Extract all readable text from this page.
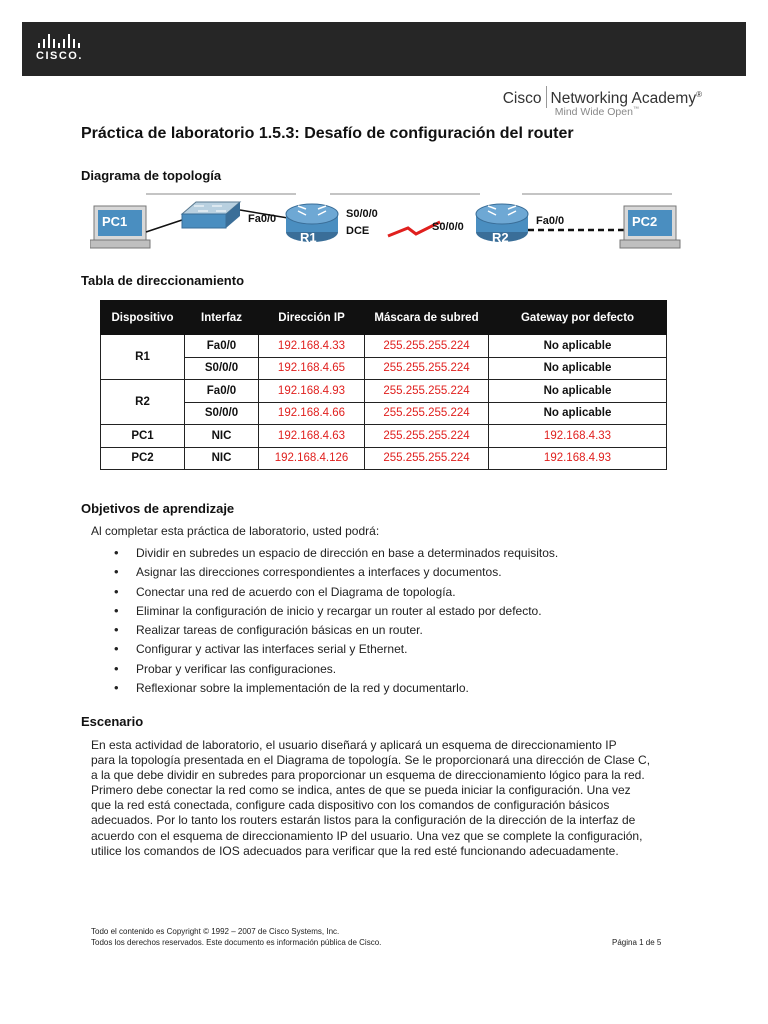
CISCO.
Cisco Networking Academy®
Mind Wide Open™
Práctica de laboratorio 1.5.3: Desafío de configuración del router
Diagrama de topología
PC1	Fa0/0
R1
S0/0/0
DCE	S0/0/0
R2
Fa0/0	PC2
Tabla de direccionamiento
Dispositivo	Interfaz	Dirección IP	Máscara de subred	Gateway por defecto
R1	Fa0/0	192.168.4.33	255.255.255.224	No aplicable
	S0/0/0	192.168.4.65	255.255.255.224	No aplicable
R2	Fa0/0	192.168.4.93	255.255.255.224	No aplicable
	S0/0/0	192.168.4.66	255.255.255.224	No aplicable
PC1	NIC	192.168.4.63	255.255.255.224	192.168.4.33
PC2	NIC	192.168.4.126	255.255.255.224	192.168.4.93
Objetivos de aprendizaje
Al completar esta práctica de laboratorio, usted podrá:
• Dividir en subredes un espacio de dirección en base a determinados requisitos.
• Asignar las direcciones correspondientes a interfaces y documentos.
• Conectar una red de acuerdo con el Diagrama de topología.
• Eliminar la configuración de inicio y recargar un router al estado por defecto.
• Realizar tareas de configuración básicas en un router.
• Configurar y activar las interfaces serial y Ethernet.
• Probar y verificar las configuraciones.
• Reflexionar sobre la implementación de la red y documentarlo.
Escenario

En esta actividad de laboratorio, el usuario diseñará y aplicará un esquema de direccionamiento IP

para la topología presentada en el Diagrama de topología. Se le proporcionará una dirección de Clase C,

a la que debe dividir en subredes para proporcionar un esquema de direccionamiento lógico para la red.

Primero debe conectar la red como se indica, antes de que se pueda iniciar la configuración. Una vez

que la red está conectada, configure cada dispositivo con los comandos de configuración básicos

adecuados. Por lo tanto los routers estarán listos para la configuración de la dirección de la interfaz de

acuerdo con el esquema de direccionamiento IP del usuario. Una vez que se complete la configuración,

utilice los comandos de IOS adecuados para verificar que la red esté funcionando adecuadamente.

Todo el contenido es Copyright © 1992 – 2007 de Cisco Systems, Inc.
Todos los derechos reservados. Este documento es información pública de Cisco.	Página 1 de 5
